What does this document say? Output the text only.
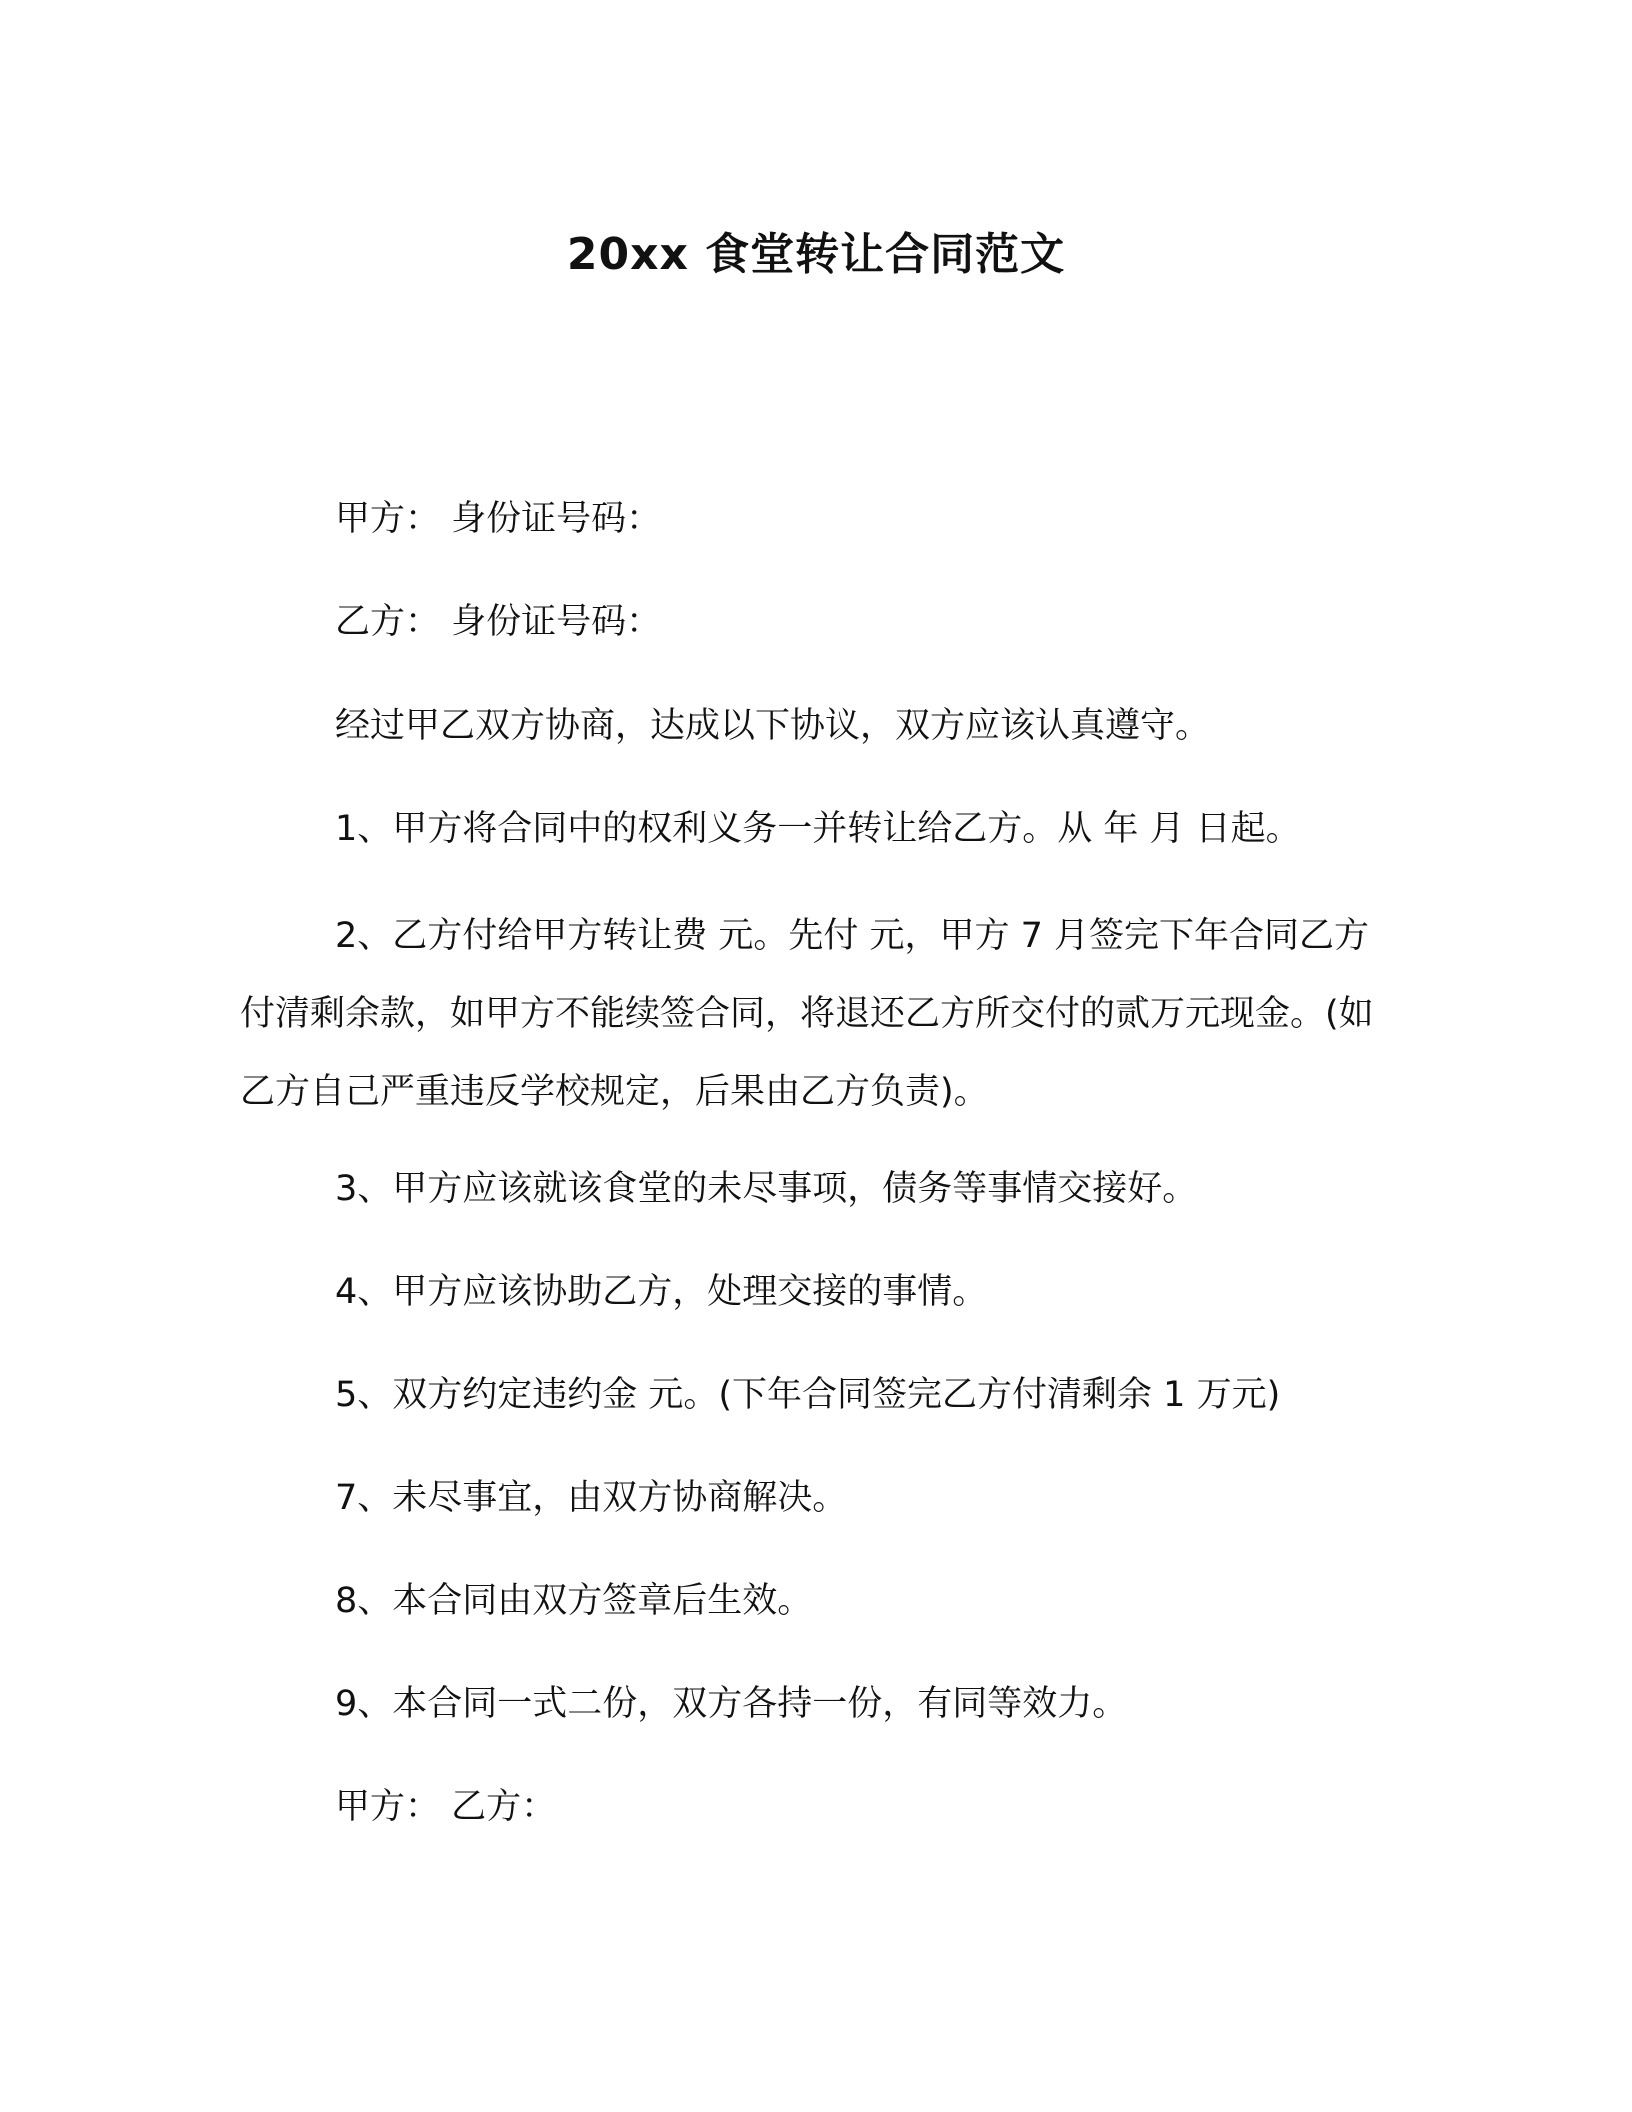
20xx 食堂转让合同范文

甲方： 身份证号码：

乙方： 身份证号码：

经过甲乙双方协商，达成以下协议，双方应该认真遵守。

1、甲方将合同中的权利义务一并转让给乙方。从 年 月 日起。

2、乙方付给甲方转让费 元。先付 元，甲方 7 月签完下年合同乙方付清剩余款，如甲方不能续签合同，将退还乙方所交付的贰万元现金。(如乙方自己严重违反学校规定，后果由乙方负责)。

3、甲方应该就该食堂的未尽事项，债务等事情交接好。

4、甲方应该协助乙方，处理交接的事情。

5、双方约定违约金 元。(下年合同签完乙方付清剩余 1 万元)

7、未尽事宜，由双方协商解决。

8、本合同由双方签章后生效。

9、本合同一式二份，双方各持一份，有同等效力。

甲方： 乙方：
